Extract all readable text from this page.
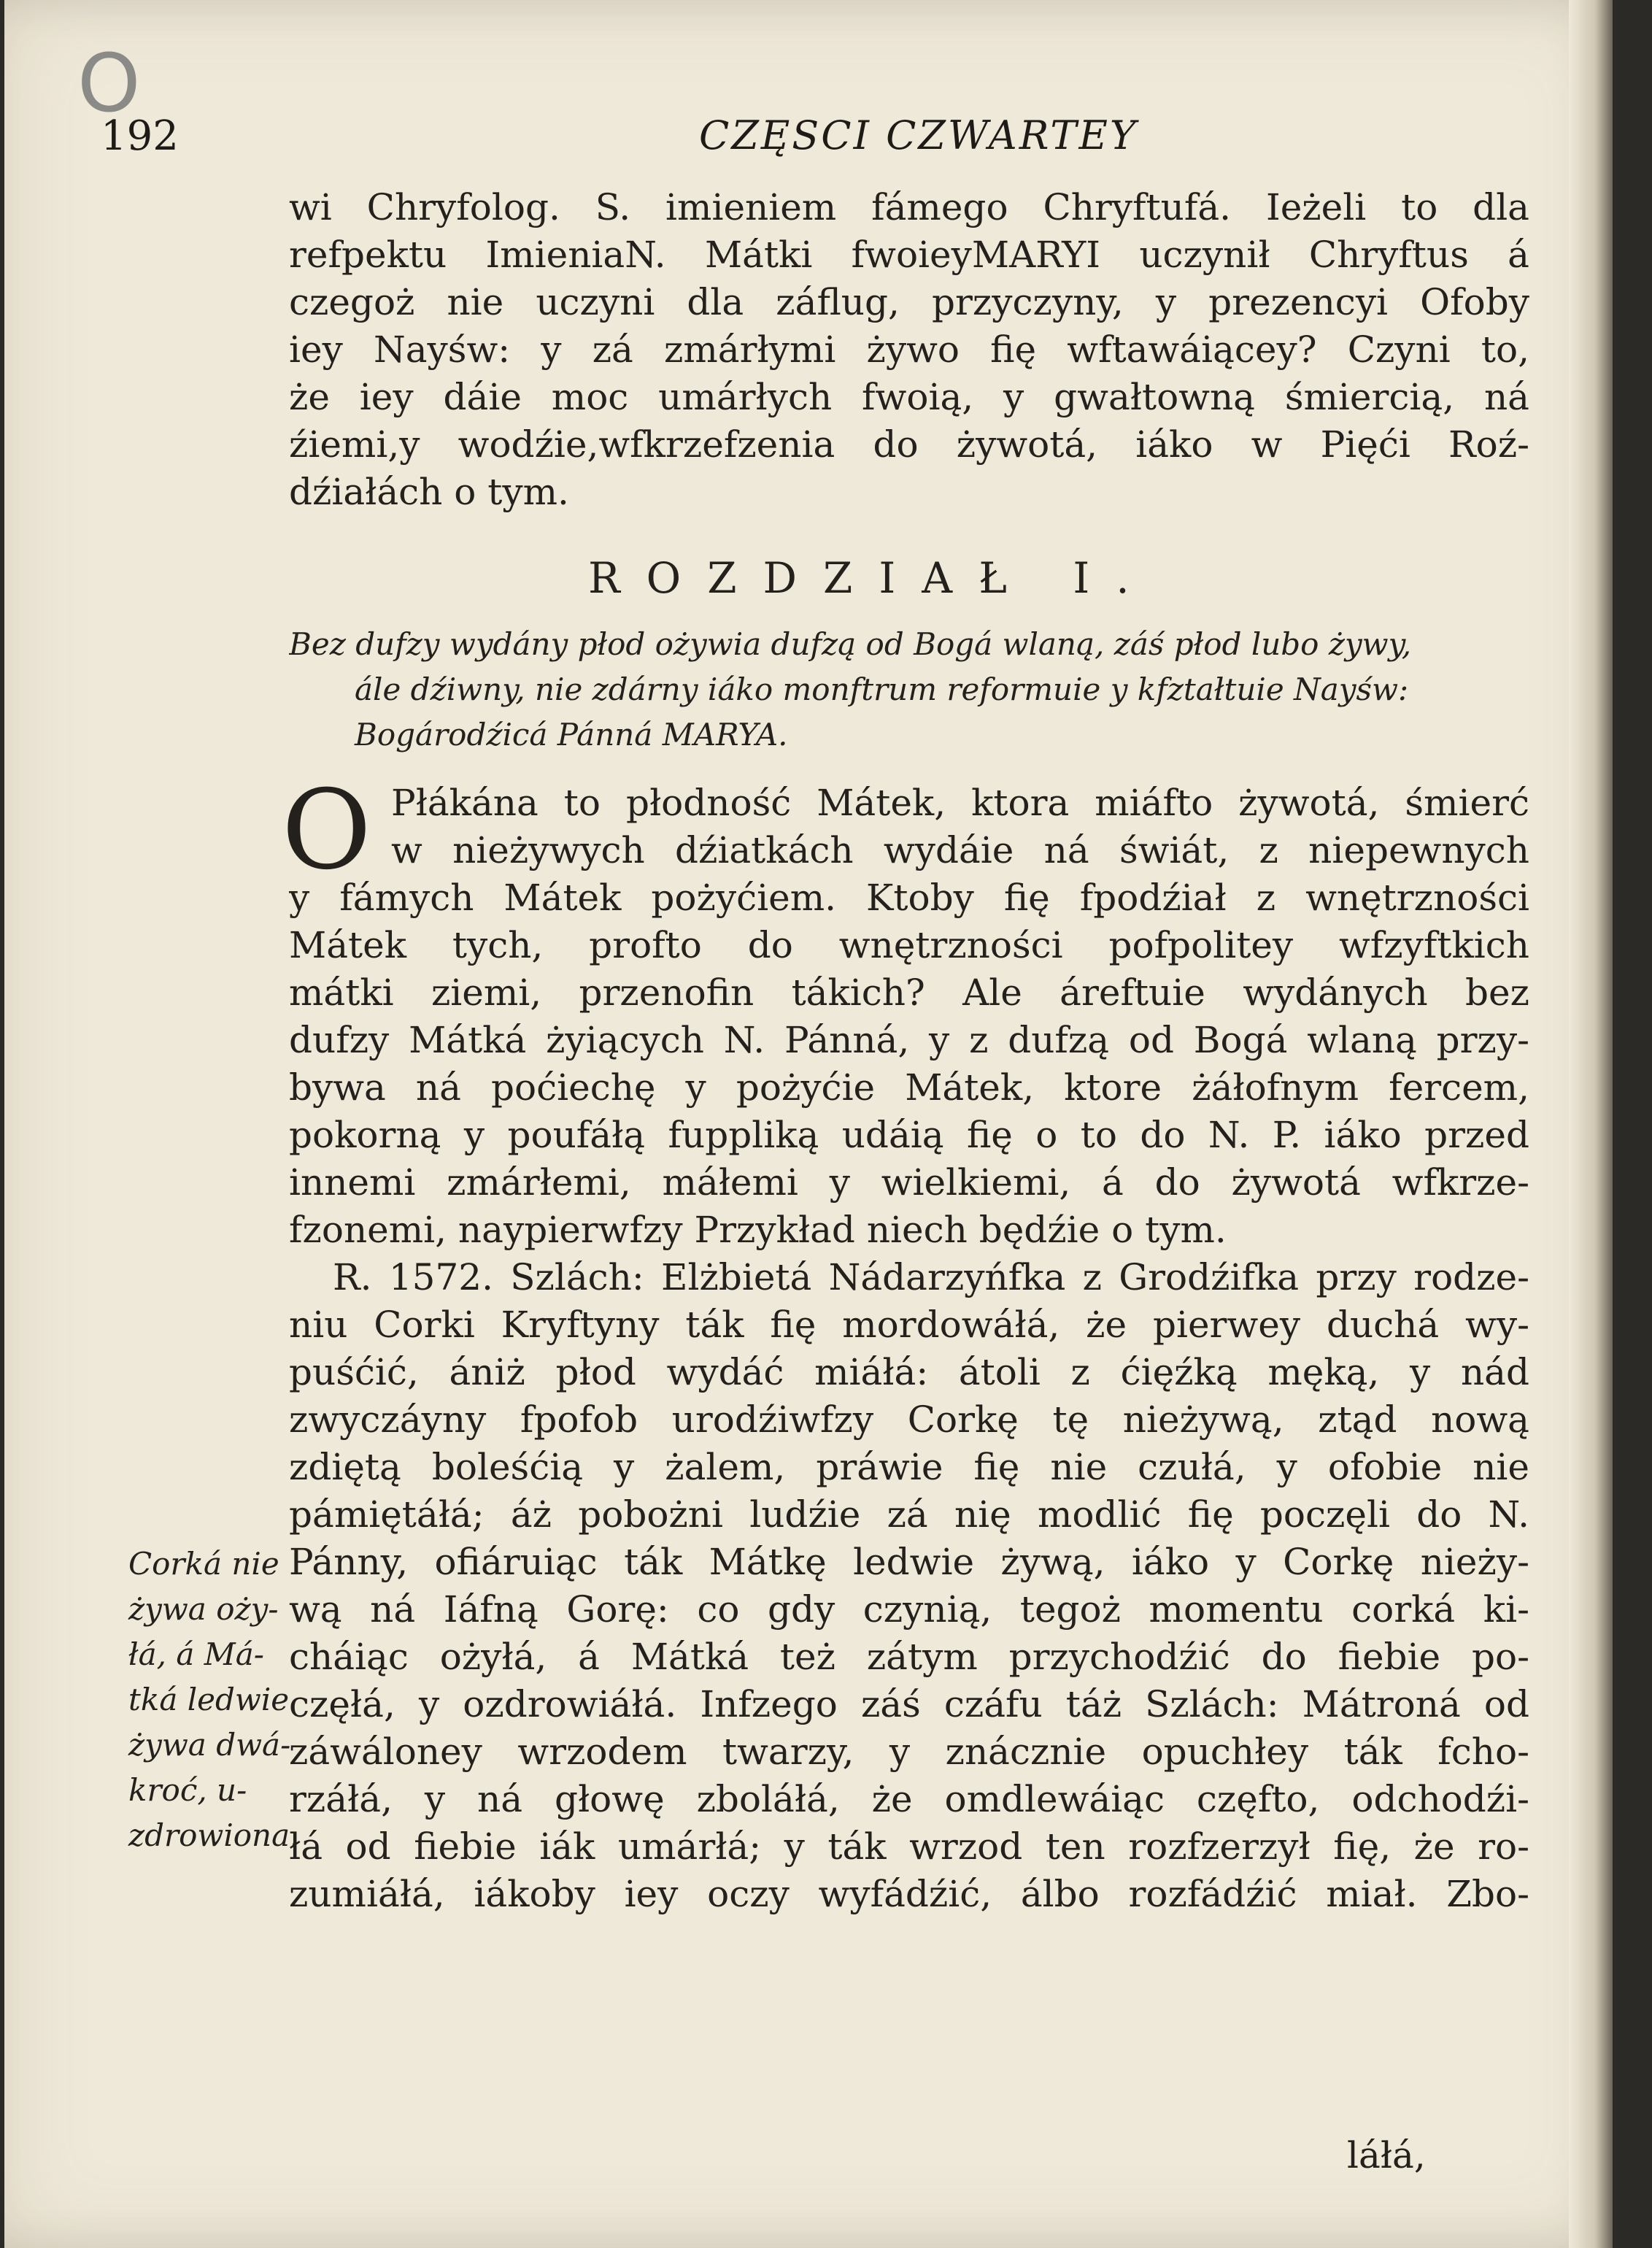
O
192	CZĘSCI CZWARTEY
wi Chryfolog. S. imieniem fámego Chryftufá. Ieżeli to dla
refpektu ImieniaN. Mátki fwoieyMARYI uczynił Chryftus á
czegoż nie uczyni dla záflug, przyczyny, y prezencyi Ofoby
iey Nayśw: y zá zmárłymi żywo fię wftawáiącey? Czyni to,
że iey dáie moc umárłych fwoią, y gwałtowną śmiercią, ná
źiemi,y wodźie,wfkrzefzenia do żywotá, iáko w Pięći Roź-
dźiałách o tym.
ROZDZIAŁ I.
Bez dufzy wydány płod ożywia dufzą od Bogá wlaną, záś płod lubo żywy,
ále dźiwny, nie zdárny iáko monftrum reformuie y kfztałtuie Nayśw:
Bogárodźicá Pánná MARYA.
O Płákána to płodność Mátek, ktora miáfto żywotá, śmierć
w nieżywych dźiatkách wydáie ná świát, z niepewnych
y fámych Mátek pożyćiem. Ktoby fię fpodźiał z wnętrzności
Mátek tych, profto do wnętrzności pofpolitey wfzyftkich
mátki ziemi, przenofin tákich? Ale áreftuie wydánych bez
dufzy Mátká żyiących N. Pánná, y z dufzą od Bogá wlaną przy-
bywa ná poćiechę y pożyćie Mátek, ktore żáłofnym fercem,
pokorną y poufáłą fuppliką udáią fię o to do N. P. iáko przed
innemi zmárłemi, máłemi y wielkiemi, á do żywotá wfkrze-
fzonemi, naypierwfzy Przykład niech będźie o tym.
R. 1572. Szlách: Elżbietá Nádarzyńfka z Grodźifka przy rodze-
niu Corki Kryftyny ták fię mordowáłá, że pierwey duchá wy-
puśćić, ániż płod wydáć miáłá: átoli z ćięźką męką, y nád
zwyczáyny fpofob urodźiwfzy Corkę tę nieżywą, ztąd nową
zdiętą boleśćią y żalem, práwie fię nie czułá, y ofobie nie
pámiętáłá; áż pobożni ludźie zá nię modlić fię poczęli do N.
Pánny, ofiáruiąc ták Mátkę ledwie żywą, iáko y Corkę nieży-
wą ná Iáfną Gorę: co gdy czynią, tegoż momentu corká ki-
cháiąc ożyłá, á Mátká też zátym przychodźić do fiebie po-
częłá, y ozdrowiáłá. Infzego záś czáfu táż Szlách: Mátroná od
záwáloney wrzodem twarzy, y znácznie opuchłey ták fcho-
rzáłá, y ná głowę zboláłá, że omdlewáiąc częfto, odchodźi-
łá od fiebie iák umárłá; y ták wrzod ten rozfzerzył fię, że ro-
zumiáłá, iákoby iey oczy wyfádźić, álbo rozfádźić miał. Zbo-
Corká nie
żywa oży-
łá, á Má-
tká ledwie
żywa dwá-
kroć, u-
zdrowiona.
láłá,
